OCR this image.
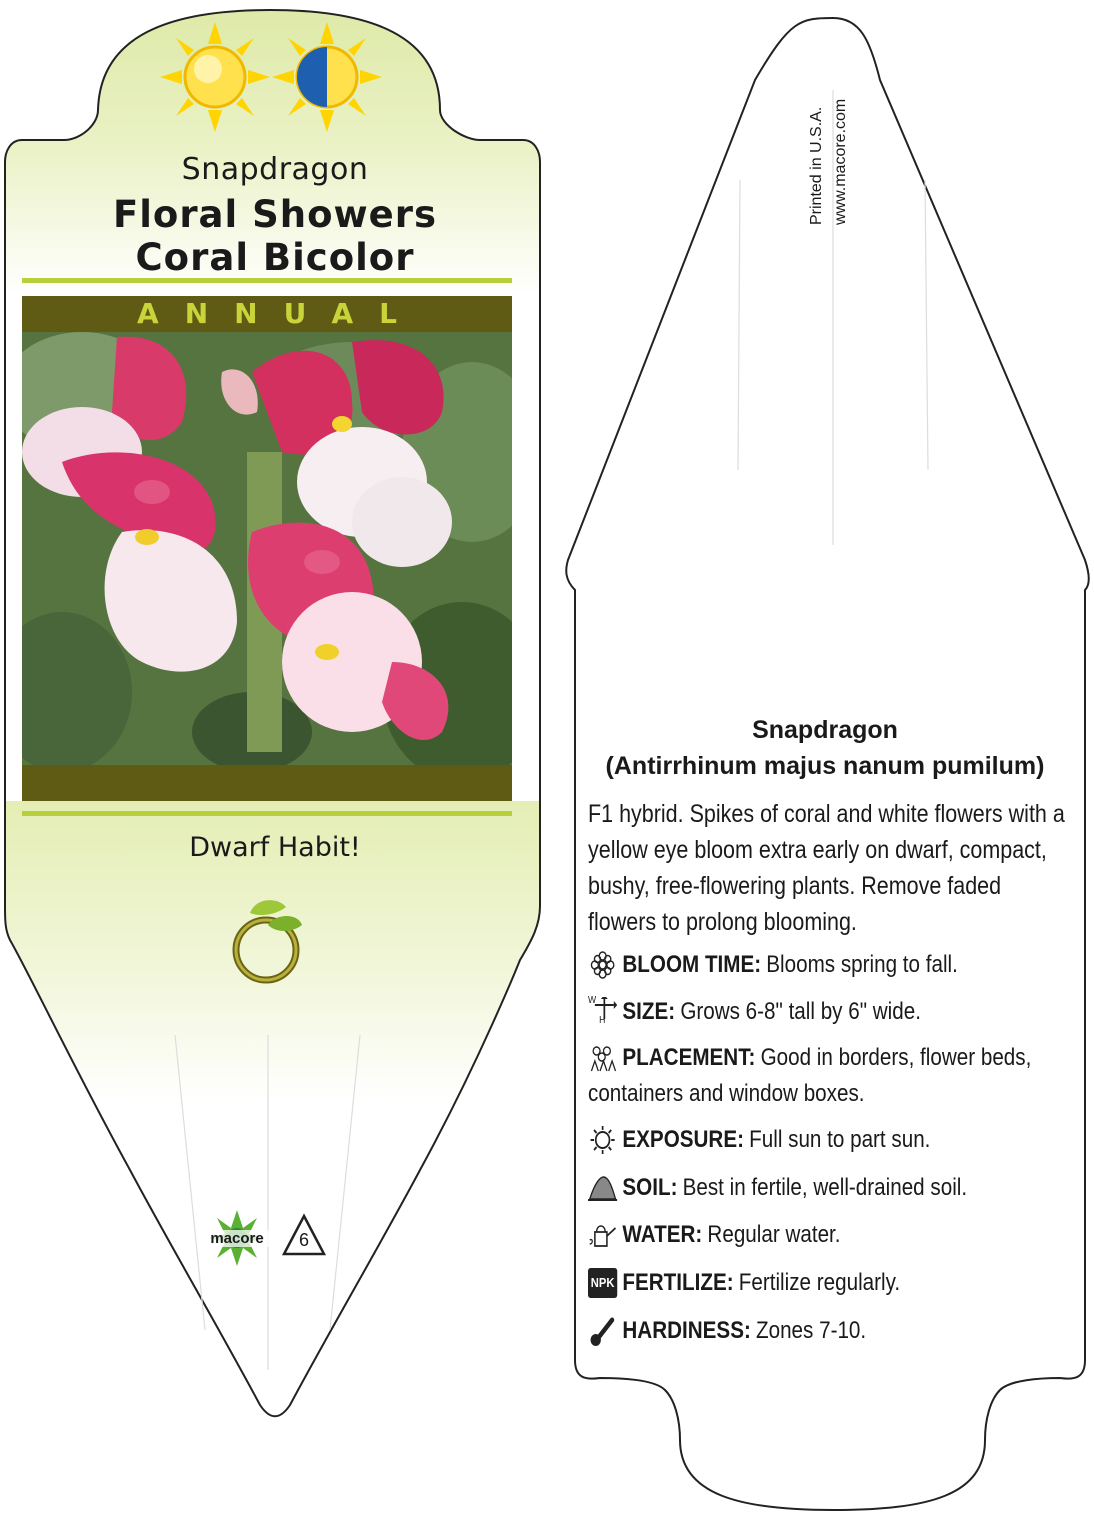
Snapdragon
Floral Showers
Coral Bicolor
ANNUAL
Dwarf Habit!
macore	6
Printed in U.S.A. www.macore.com
Snapdragon
(Antirrhinum majus nanum pumilum)
F1 hybrid. Spikes of coral and white flowers with a
yellow eye bloom extra early on dwarf, compact,
bushy, free-flowering plants. Remove faded
flowers to prolong blooming.
BLOOM TIME: Blooms spring to fall.
W
H SIZE: Grows 6-8" tall by 6" wide.
PLACEMENT: Good in borders, flower beds,
containers and window boxes.
EXPOSURE: Full sun to part sun.
SOIL: Best in fertile, well-drained soil.
WATER: Regular water.
NPK FERTILIZE: Fertilize regularly.
HARDINESS: Zones 7-10.
